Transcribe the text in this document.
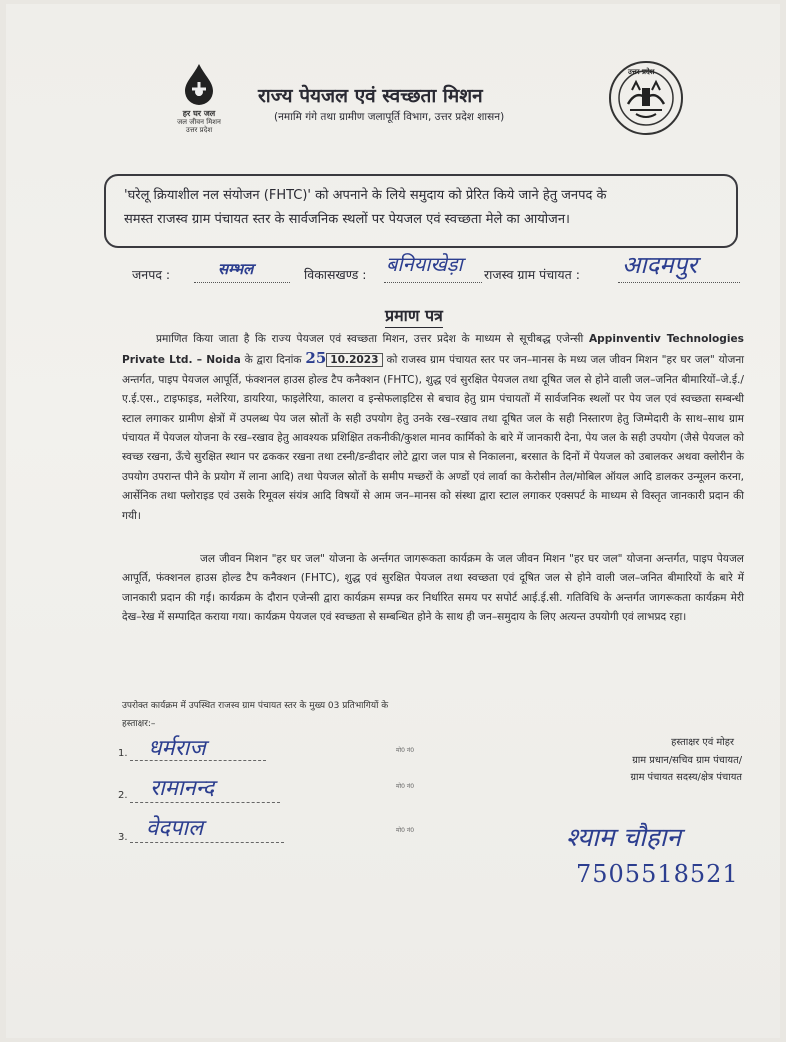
हर घर जल
जल जीवन मिशन
उत्तर प्रदेश
राज्य पेयजल एवं स्वच्छता मिशन
(नमामि गंगे तथा ग्रामीण जलापूर्ति विभाग, उत्तर प्रदेश शासन)
उत्तर प्रदेश
'घरेलू क्रियाशील नल संयोजन (FHTC)' को अपनाने के लिये समुदाय को प्रेरित किये जाने हेतु जनपद के
समस्त राजस्व ग्राम पंचायत स्तर के सार्वजनिक स्थलों पर पेयजल एवं स्वच्छता मेले का आयोजन।
जनपद :	सम्भल	विकासखण्ड : बनियाखेड़ा राजस्व ग्राम पंचायत : आदमपुर
प्रमाण पत्र
प्रमाणित किया जाता है कि राज्य पेयजल एवं स्वच्छता मिशन, उत्तर प्रदेश के माध्यम से सूचीबद्ध एजेन्सी Appinventiv Technologies Private Ltd. – Noida के द्वारा दिनांक 25 10.2023 को राजस्व ग्राम पंचायत स्तर पर जन–मानस के मध्य जल जीवन मिशन "हर घर जल" योजना अन्तर्गत, पाइप पेयजल आपूर्ति, फंक्शनल हाउस होल्ड टैप कनैक्शन (FHTC), शुद्ध एवं सुरक्षित पेयजल तथा दूषित जल से होने वाली जल–जनित बीमारियों–जे.ई./ए.ई.एस., टाइफाइड, मलेरिया, डायरिया, फाइलेरिया, कालरा व इन्सेफलाइटिस से बचाव हेतु ग्राम पंचायतों में सार्वजनिक स्थलों पर पेय जल एवं स्वच्छता सम्बन्धी स्टाल लगाकर ग्रामीण क्षेत्रों में उपलब्ध पेय जल स्रोतों के सही उपयोग हेतु उनके रख–रखाव तथा दूषित जल के सही निस्तारण हेतु जिम्मेदारी के साथ–साथ ग्राम पंचायत में पेयजल योजना के रख–रखाव हेतु आवश्यक प्रशिक्षित तकनीकी/कुशल मानव कार्मिको के बारे में जानकारी देना, पेय जल के सही उपयोग (जैसे पेयजल को स्वच्छ रखना, ऊँचे सुरक्षित स्थान पर ढककर रखना तथा टस्नी/डन्डीदार लोटे द्वारा जल पात्र से निकालना, बरसात के दिनों में पेयजल को उबालकर अथवा क्लोरीन के उपयोग उपरान्त पीने के प्रयोग में लाना आदि) तथा पेयजल स्रोतों के समीप मच्छरों के अण्डों एवं लार्वा का केरोसीन तेल/मोबिल ऑयल आदि डालकर उन्मूलन करना, आर्सेनिक तथा फ्लोराइड एवं उसके रिमूवल संयंत्र आदि विषयों से आम जन–मानस को संस्था द्वारा स्टाल लगाकर एक्सपर्ट के माध्यम से विस्तृत जानकारी प्रदान की गयी।
जल जीवन मिशन "हर घर जल" योजना के अर्न्तगत जागरूकता कार्यक्रम के जल जीवन मिशन "हर घर जल" योजना अन्तर्गत, पाइप पेयजल आपूर्ति, फंक्शनल हाउस होल्ड टैप कनैक्शन (FHTC), शुद्ध एवं सुरक्षित पेयजल तथा स्वच्छता एवं दूषित जल से होने वाली जल–जनित बीमारियों के बारे में जानकारी प्रदान की गई। कार्यक्रम के दौरान एजेन्सी द्वारा कार्यक्रम सम्पन्न कर निर्धारित समय पर सपोर्ट आई.ई.सी. गतिविधि के अन्तर्गत जागरूकता कार्यक्रम मेरी देख–रेख में सम्पादित कराया गया। कार्यक्रम पेयजल एवं स्वच्छता से सम्बन्धित होने के साथ ही जन–समुदाय के लिए अत्यन्त उपयोगी एवं लाभप्रद रहा।
उपरोक्त कार्यक्रम में उपस्थित राजस्व ग्राम पंचायत स्तर के मुख्य 03 प्रतिभागियों के
हस्ताक्षर:–
1. धर्मराज	मो0 नं0
2. रामानन्द	मो0 नं0
3. वेदपाल	मो0 नं0
हस्ताक्षर एवं मोहर
ग्राम प्रधान/सचिव ग्राम पंचायत/
ग्राम पंचायत सदस्य/क्षेत्र पंचायत
श्याम चौहान
7505518521
